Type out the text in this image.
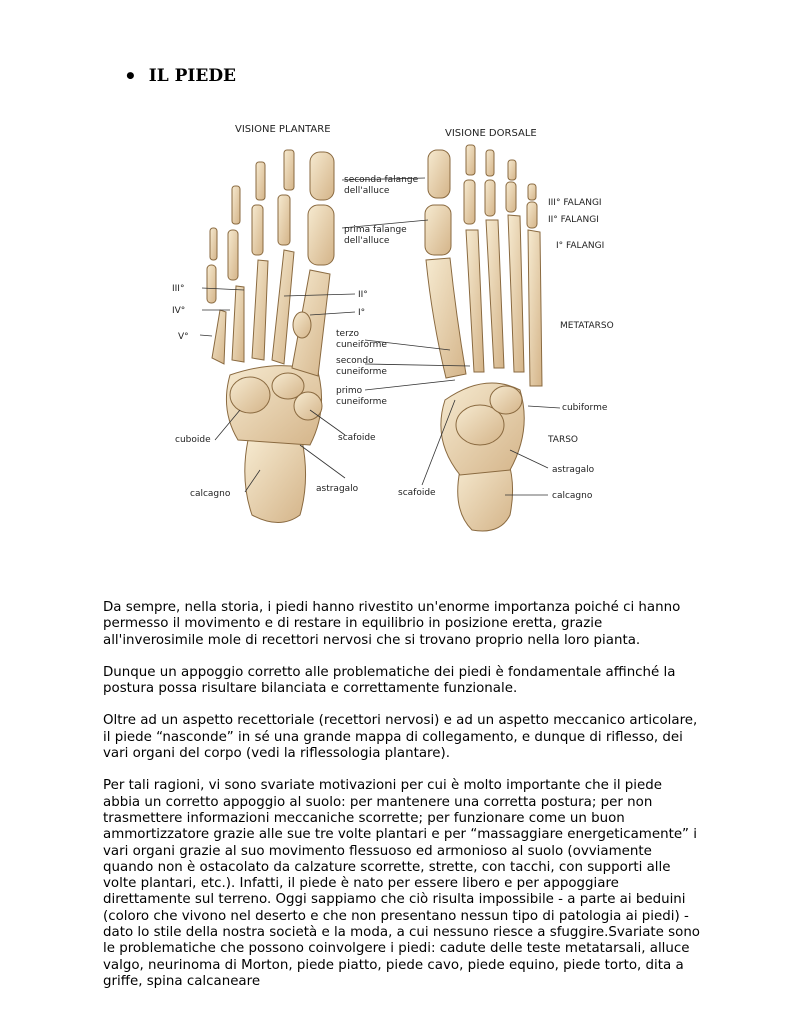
• IL PIEDE
VISIONE PLANTARE	VISIONE DORSALE
seconda falange
dell'alluce
prima falange
dell'alluce
III°
IV°
V°
II°
I°
terzo
cuneiforme
secondo
cuneiforme
primo
cuneiforme
cuboide	scafoide
calcagno	astragalo
III° FALANGI
II° FALANGI
I° FALANGI
METATARSO
cubiforme
TARSO
astragalo
scafoide	calcagno

Da sempre, nella storia, i piedi hanno rivestito un'enorme importanza poiché ci hanno permesso il movimento e di restare in equilibrio in posizione eretta, grazie all'inverosimile mole di recettori nervosi che si trovano proprio nella loro pianta.

Dunque un appoggio corretto alle problematiche dei piedi è fondamentale affinché la postura possa risultare bilanciata e correttamente funzionale.

Oltre ad un aspetto recettoriale (recettori nervosi) e ad un aspetto meccanico articolare, il piede “nasconde” in sé una grande mappa di collegamento, e dunque di riflesso, dei vari organi del corpo (vedi la riflessologia plantare).

Per tali ragioni, vi sono svariate motivazioni per cui è molto importante che il piede abbia un corretto appoggio al suolo: per mantenere una corretta postura; per non trasmettere informazioni meccaniche scorrette; per funzionare come un buon ammortizzatore grazie alle sue tre volte plantari e per “massaggiare energeticamente” i vari organi grazie al suo movimento flessuoso ed armonioso al suolo (ovviamente quando non è ostacolato da calzature scorrette, strette, con tacchi, con supporti alle volte plantari, etc.). Infatti, il piede è nato per essere libero e per appoggiare direttamente sul terreno. Oggi sappiamo che ciò risulta impossibile - a parte ai beduini (coloro che vivono nel deserto e che non presentano nessun tipo di patologia ai piedi) - dato lo stile della nostra società e la moda, a cui nessuno riesce a sfuggire.Svariate sono le problematiche che possono coinvolgere i piedi: cadute delle teste metatarsali, alluce valgo, neurinoma di Morton, piede piatto, piede cavo, piede equino, piede torto, dita a griffe, spina calcaneare
